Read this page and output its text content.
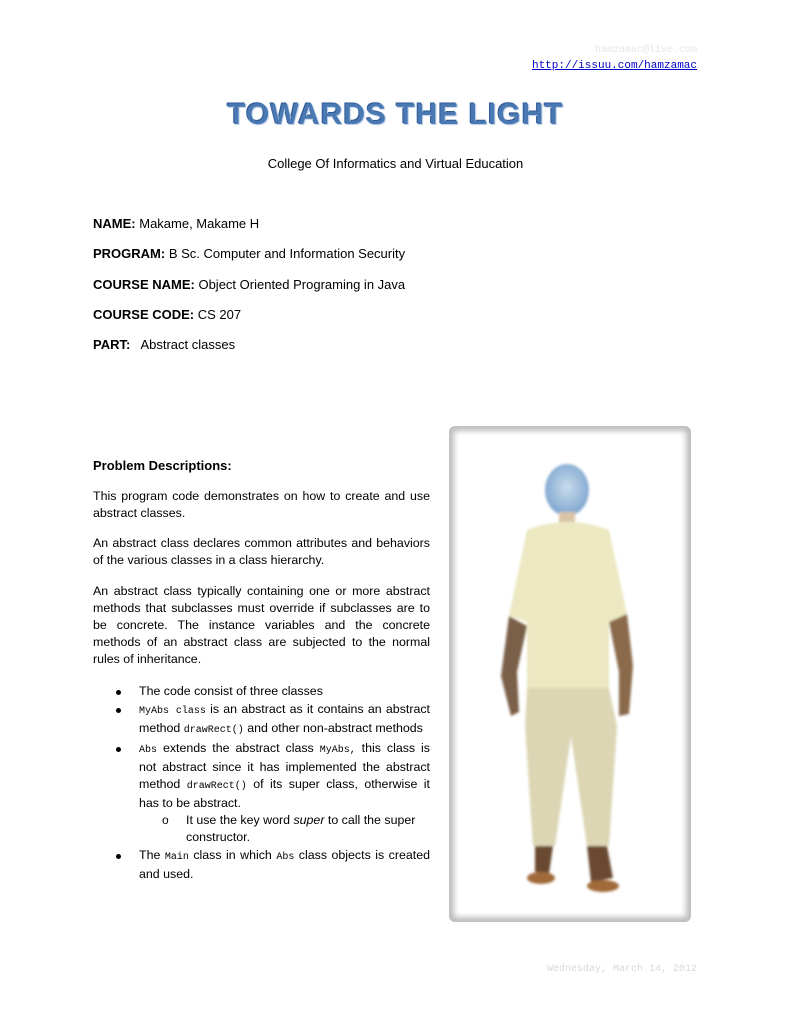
hamzamac@live.com
http://issuu.com/hamzamac
TOWARDS THE LIGHT
College Of Informatics and Virtual Education
NAME: Makame, Makame H
PROGRAM: B Sc. Computer and Information Security
COURSE NAME: Object Oriented Programing in Java
COURSE CODE: CS 207
PART: Abstract classes
Problem Descriptions:
This program code demonstrates on how to create and use abstract classes.
An abstract class declares common attributes and behaviors of the various classes in a class hierarchy.
An abstract class typically containing one or more abstract methods that subclasses must override if subclasses are to be concrete. The instance variables and the concrete methods of an abstract class are subjected to the normal rules of inheritance.
The code consist of three classes
MyAbs class is an abstract as it contains an abstract method drawRect() and other non-abstract methods
Abs extends the abstract class MyAbs, this class is not abstract since it has implemented the abstract method drawRect() of its super class, otherwise it has to be abstract.
o It use the key word super to call the super constructor.
The Main class in which Abs class objects is created and used.
Wednesday, March 14, 2012
